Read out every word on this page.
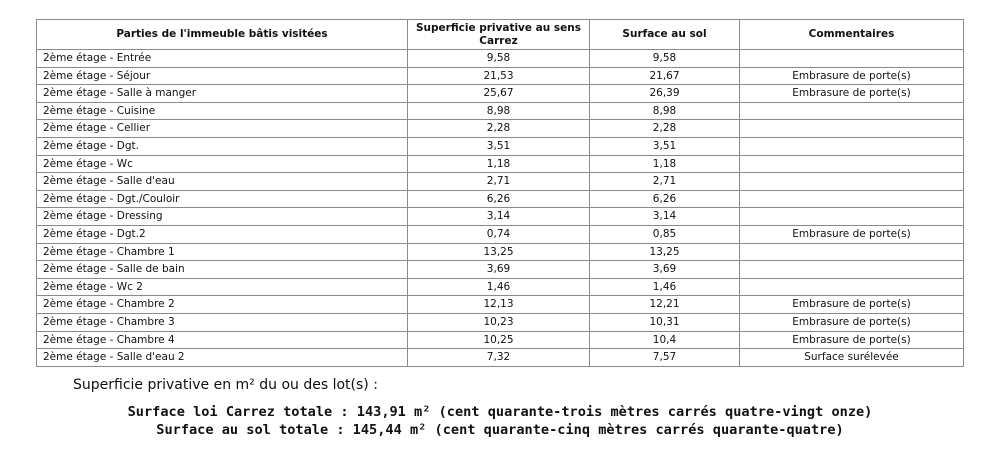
Parties de l'immeuble bâtis visitées	Superficie privative au sens Carrez	Surface au sol	Commentaires
2ème étage - Entrée	9,58	9,58	
2ème étage - Séjour	21,53	21,67	Embrasure de porte(s)
2ème étage - Salle à manger	25,67	26,39	Embrasure de porte(s)
2ème étage - Cuisine	8,98	8,98	
2ème étage - Cellier	2,28	2,28	
2ème étage - Dgt.	3,51	3,51	
2ème étage - Wc	1,18	1,18	
2ème étage - Salle d'eau	2,71	2,71	
2ème étage - Dgt./Couloir	6,26	6,26	
2ème étage - Dressing	3,14	3,14	
2ème étage - Dgt.2	0,74	0,85	Embrasure de porte(s)
2ème étage - Chambre 1	13,25	13,25	
2ème étage - Salle de bain	3,69	3,69	
2ème étage - Wc 2	1,46	1,46	
2ème étage - Chambre 2	12,13	12,21	Embrasure de porte(s)
2ème étage - Chambre 3	10,23	10,31	Embrasure de porte(s)
2ème étage - Chambre 4	10,25	10,4	Embrasure de porte(s)
2ème étage - Salle d'eau 2	7,32	7,57	Surface surélevée
Superficie privative en m² du ou des lot(s) :
Surface loi Carrez totale : 143,91 m² (cent quarante-trois mètres carrés quatre-vingt onze)
Surface au sol totale : 145,44 m² (cent quarante-cinq mètres carrés quarante-quatre)
